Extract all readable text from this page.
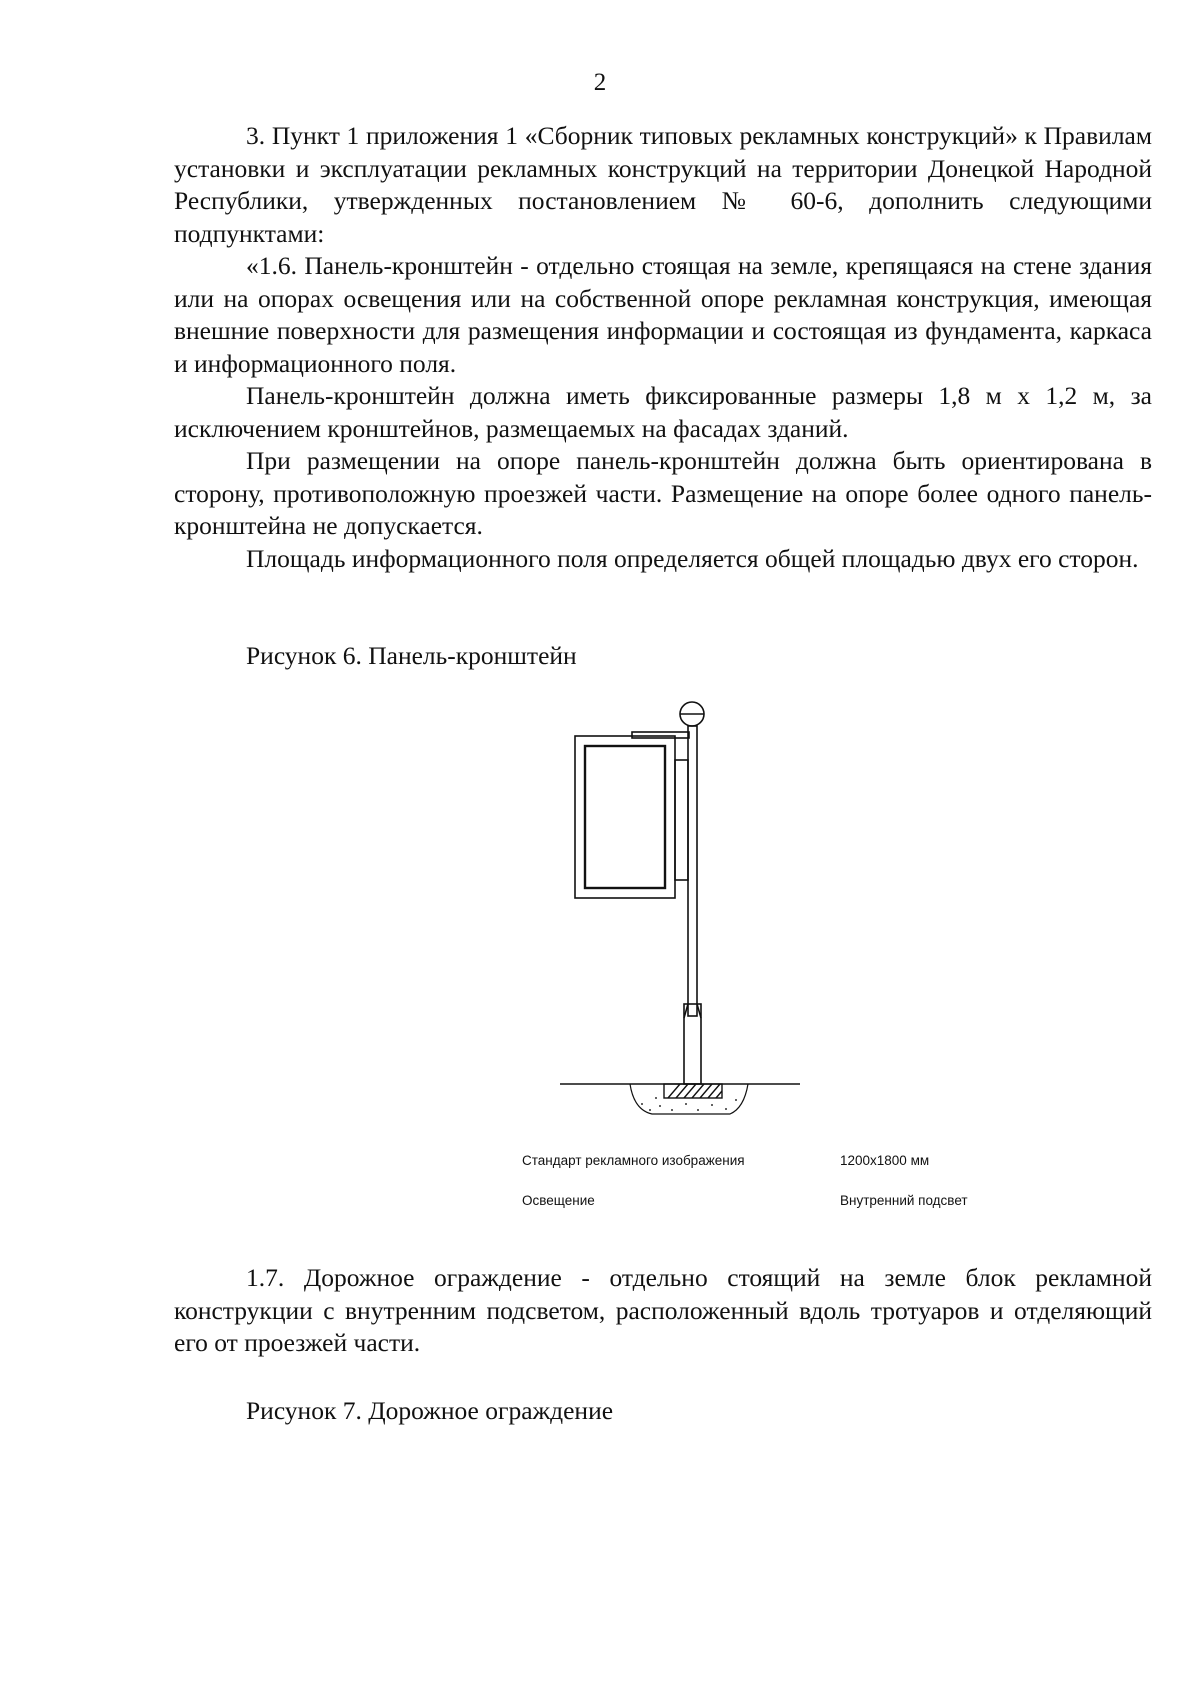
2

3. Пункт 1 приложения 1 «Сборник типовых рекламных конструкций» к Правилам установки и эксплуатации рекламных конструкций на территории Донецкой Народной Республики, утвержденных постановлением № 60-6, дополнить следующими подпунктами:

«1.6. Панель-кронштейн - отдельно стоящая на земле, крепящаяся на стене здания или на опорах освещения или на собственной опоре рекламная конструкция, имеющая внешние поверхности для размещения информации и состоящая из фундамента, каркаса и информационного поля.

Панель-кронштейн должна иметь фиксированные размеры 1,8 м х 1,2 м, за исключением кронштейнов, размещаемых на фасадах зданий.

При размещении на опоре панель-кронштейн должна быть ориентирована в сторону, противоположную проезжей части. Размещение на опоре более одного панель-кронштейна не допускается.

Площадь информационного поля определяется общей площадью двух его сторон.

Рисунок 6. Панель-кронштейн

Стандарт рекламного изображения	1200x1800 мм
Освещение	Внутренний подсвет

1.7. Дорожное ограждение - отдельно стоящий на земле блок рекламной конструкции с внутренним подсветом, расположенный вдоль тротуаров и отделяющий его от проезжей части.

Рисунок 7. Дорожное ограждение
